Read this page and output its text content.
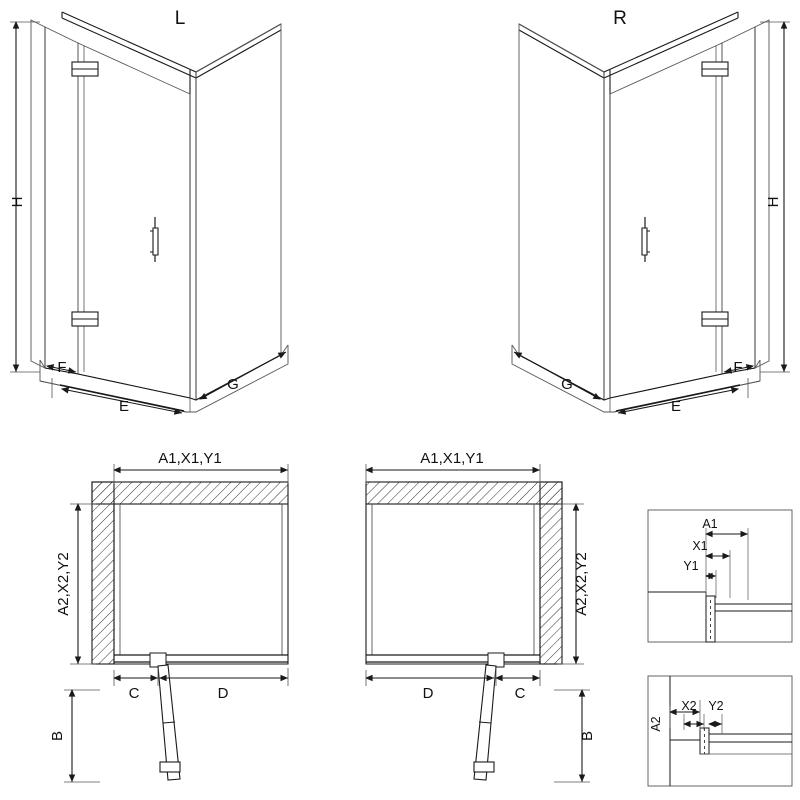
L	R
H
F
E
G
H
F
E
G
A1,X1,Y1
A2,X2,Y2
C	D
B
A1,X1,Y1
A2,X2,Y2
C
D
B
A1
X1
Y1
A2
X2 Y2
